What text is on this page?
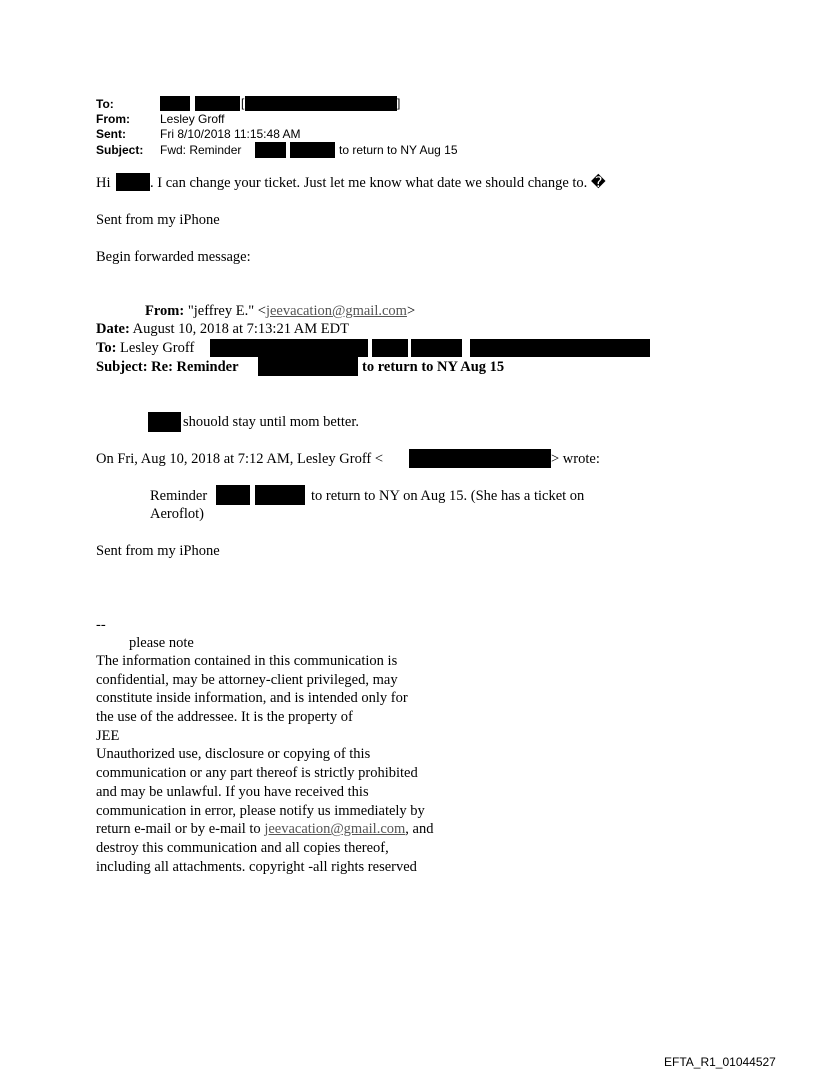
To:	[	]
From:	Lesley Groff
Sent:	Fri 8/10/2018 11:15:48 AM
Subject: Fwd: Reminder	to return to NY Aug 15
Hi	. I can change your ticket. Just let me know what date we should change to. �
Sent from my iPhone
Begin forwarded message:
From: "jeffrey E." <jeevacation@gmail.com>
Date: August 10, 2018 at 7:13:21 AM EDT
To: Lesley Groff
Subject: Re: Reminder	to return to NY Aug 15
shouold stay until mom better.
On Fri, Aug 10, 2018 at 7:12 AM, Lesley Groff <	> wrote:
Reminder	to return to NY on Aug 15. (She has a ticket on
Aeroflot)
Sent from my iPhone
--
please note
The information contained in this communication is
confidential, may be attorney-client privileged, may
constitute inside information, and is intended only for
the use of the addressee. It is the property of
JEE
Unauthorized use, disclosure or copying of this
communication or any part thereof is strictly prohibited
and may be unlawful. If you have received this
communication in error, please notify us immediately by
return e-mail or by e-mail to jeevacation@gmail.com, and
destroy this communication and all copies thereof,
including all attachments. copyright -all rights reserved
EFTA_R1_01044527
